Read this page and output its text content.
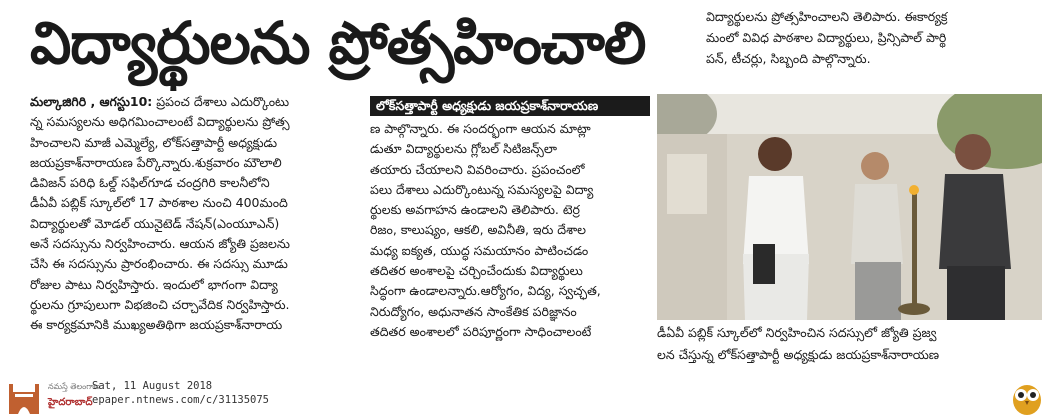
విద్యార్థులను ప్రోత్సహించాలి	విద్యార్థులను ప్రోత్సహించాలని తెలిపారు. ఈకార్యక్ర

మంలో వివిధ పాఠశాల విద్యార్థులు, ప్రిన్సిపాల్ పార్థి

పన్, టీచర్లు, సిబ్బంది పాల్గొన్నారు.

మల్కాజిగిరి , ఆగస్టు10: ప్రపంచ దేశాలు ఎదుర్కొంటు

న్న సమస్యలను అధిగమించాలంటే విద్యార్థులను ప్రోత్స

హించాలని మాజీ ఎమ్మెల్యే, లోక్‌సత్తాపార్టీ అధ్యక్షుడు

జయప్రకాశ్‌నారాయణ పేర్కొన్నారు.శుక్రవారం మౌలాలి

డివిజన్ పరిధి ఓల్డ్ సఫిల్‌గూడ చంద్రగిరి కాలనీలోని

డీఏవీ పబ్లిక్ స్కూల్‌లో 17 పాఠశాల నుంచి 400మంది

విద్యార్థులతో మోడల్ యునైటెడ్ నేషన్(ఎంయూఎన్)

అనే సదస్సును నిర్వహించారు. ఆయన జ్యోతి ప్రజలను

చేసి ఈ సదస్సును ప్రారంభించారు. ఈ సదస్సు మూడు

రోజుల పాటు నిర్వహిస్తారు. ఇందులో భాగంగా విద్యా

ర్థులను గ్రూపులుగా విభజించి చర్చావేదిక నిర్వహిస్తారు.

ఈ కార్యక్రమానికి ముఖ్యఅతిథిగా జయప్రకాశ్‌నారాయ

లోక్‌సత్తాపార్టీ అధ్యక్షుడు జయప్రకాశ్‌నారాయణ

ణ పాల్గొన్నారు. ఈ సందర్భంగా ఆయన మాట్లా

డుతూ విద్యార్థులను గ్లోబల్ సిటిజన్స్‌లా

తయారు చేయాలని వివరించారు. ప్రపంచంలో

పలు దేశాలు ఎదుర్కొంటున్న సమస్యలపై విద్యా

ర్థులకు అవగాహన ఉండాలని తెలిపారు. టెర్ర

రిజం, కాలుష్యం, ఆకలి, అవినీతి, ఇరు దేశాల

మధ్య ఐక్యత, యుద్ధ సమయానం పాటించడం

తదితర అంశాలపై చర్చించేందుకు విద్యార్థులు

సిద్ధంగా ఉండాలన్నారు.ఆర్యోగం, విద్య, స్వచ్ఛత,

నిరుద్యోగం, అధునాతన సాంకేతిక పరిజ్ఞానం

తదితర అంశాలలో పరిపూర్ణంగా సాధించాలంటే	డీఏవీ పబ్లిక్ స్కూల్‌లో నిర్వహించిన సదస్సులో జ్యోతి ప్రజ్వ

లన చేస్తున్న లోక్‌సత్తాపార్టీ అధ్యక్షుడు జయప్రకాశ్‌నారాయణ

నమస్తే తెలంగాణ
హైదరాబాద్
Sat, 11 August 2018
epaper.ntnews.com/c/31135075
